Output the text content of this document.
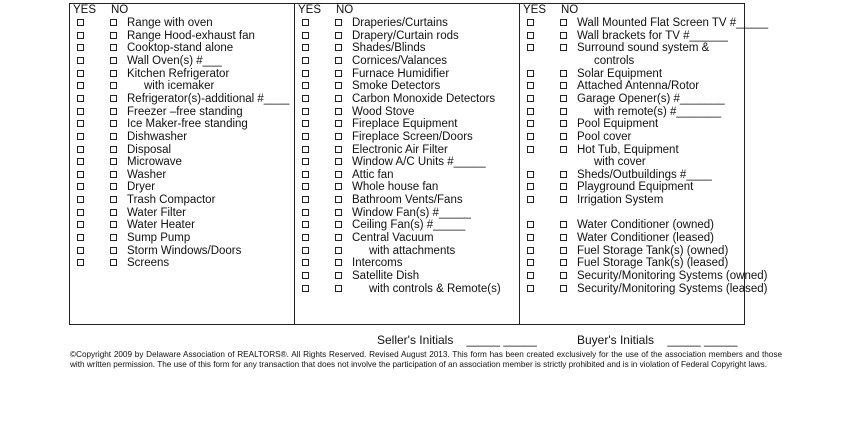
YES NO
Range with oven
Range Hood-exhaust fan
Cooktop-stand alone
Wall Oven(s) #___
Kitchen Refrigerator
with icemaker
Refrigerator(s)-additional #____
Freezer –free standing
Ice Maker-free standing
Dishwasher
Disposal
Microwave
Washer
Dryer
Trash Compactor
Water Filter
Water Heater
Sump Pump
Storm Windows/Doors
Screens
YES NO
Draperies/Curtains
Drapery/Curtain rods
Shades/Blinds
Cornices/Valances
Furnace Humidifier
Smoke Detectors
Carbon Monoxide Detectors
Wood Stove
Fireplace Equipment
Fireplace Screen/Doors
Electronic Air Filter
Window A/C Units #_____
Attic fan
Whole house fan
Bathroom Vents/Fans
Window Fan(s) #_____
Ceiling Fan(s) #_____
Central Vacuum
with attachments
Intercoms
Satellite Dish
with controls & Remote(s)
YES NO
Wall Mounted Flat Screen TV #_____
Wall brackets for TV #______
Surround sound system &
controls
Solar Equipment
Attached Antenna/Rotor
Garage Opener(s) #_______
with remote(s) #_______
Pool Equipment
Pool cover
Hot Tub, Equipment
with cover
Sheds/Outbuildings #____
Playground Equipment
Irrigation System
Water Conditioner (owned)
Water Conditioner (leased)
Fuel Storage Tank(s) (owned)
Fuel Storage Tank(s) (leased)
Security/Monitoring Systems (owned)
Security/Monitoring Systems (leased)
Seller's Initials _____ _____	Buyer's Initials _____ _____
©Copyright 2009 by Delaware Association of REALTORS®. All Rights Reserved. Revised August 2013. This form has been created exclusively for the use of the association members and those with written permission. The use of this form for any transaction that does not involve the participation of an association member is strictly prohibited and is in violation of Federal Copyright laws.
